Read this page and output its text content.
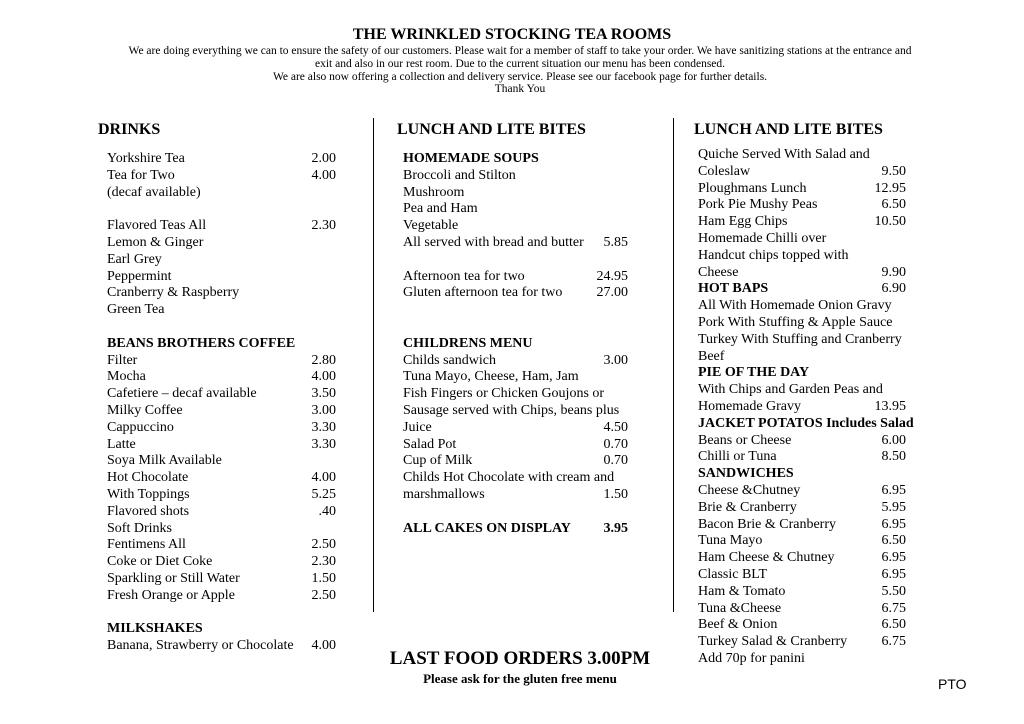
THE WRINKLED STOCKING TEA ROOMS
We are doing everything we can to ensure the safety of our customers. Please wait for a member of staff to take your order. We have sanitizing stations at the entrance and
exit and also in our rest room. Due to the current situation our menu has been condensed.
We are also now offering a collection and delivery service. Please see our facebook page for further details.
Thank You
DRINKS	LUNCH AND LITE BITES	LUNCH AND LITE BITES
Yorkshire Tea	2.00
Tea for Two	4.00
(decaf available)
Flavored Teas All	2.30
Lemon & Ginger
Earl Grey
Peppermint
Cranberry & Raspberry
Green Tea
BEANS BROTHERS COFFEE
Filter	2.80
Mocha	4.00
Cafetiere – decaf available	3.50
Milky Coffee	3.00
Cappuccino	3.30
Latte	3.30
Soya Milk Available
Hot Chocolate	4.00
With Toppings	5.25
Flavored shots	.40
Soft Drinks
Fentimens All	2.50
Coke or Diet Coke	2.30
Sparkling or Still Water	1.50
Fresh Orange or Apple	2.50
MILKSHAKES
Banana, Strawberry or Chocolate 4.00
HOMEMADE SOUPS
Broccoli and Stilton
Mushroom
Pea and Ham
Vegetable
All served with bread and butter 5.85
Afternoon tea for two	24.95
Gluten afternoon tea for two 27.00
CHILDRENS MENU
Childs sandwich	3.00
Tuna Mayo, Cheese, Ham, Jam
Fish Fingers or Chicken Goujons or
Sausage served with Chips, beans plus
Juice	4.50
Salad Pot	0.70
Cup of Milk	0.70
Childs Hot Chocolate with cream and
marshmallows	1.50
ALL CAKES ON DISPLAY 3.95
Quiche Served With Salad and
Coleslaw	9.50
Ploughmans Lunch	12.95
Pork Pie Mushy Peas	6.50
Ham Egg Chips	10.50
Homemade Chilli over
Handcut chips topped with
Cheese	9.90
HOT BAPS	6.90
All With Homemade Onion Gravy
Pork With Stuffing & Apple Sauce
Turkey With Stuffing and Cranberry
Beef
PIE OF THE DAY
With Chips and Garden Peas and
Homemade Gravy	13.95
JACKET POTATOS Includes Salad
Beans or Cheese	6.00
Chilli or Tuna	8.50
SANDWICHES
Cheese &Chutney	6.95
Brie & Cranberry	5.95
Bacon Brie & Cranberry	6.95
Tuna Mayo	6.50
Ham Cheese & Chutney	6.95
Classic BLT	6.95
Ham & Tomato	5.50
Tuna &Cheese	6.75
Beef & Onion	6.50
Turkey Salad & Cranberry 6.75
Add 70p for panini
LAST FOOD ORDERS 3.00PM
Please ask for the gluten free menu	PTO
